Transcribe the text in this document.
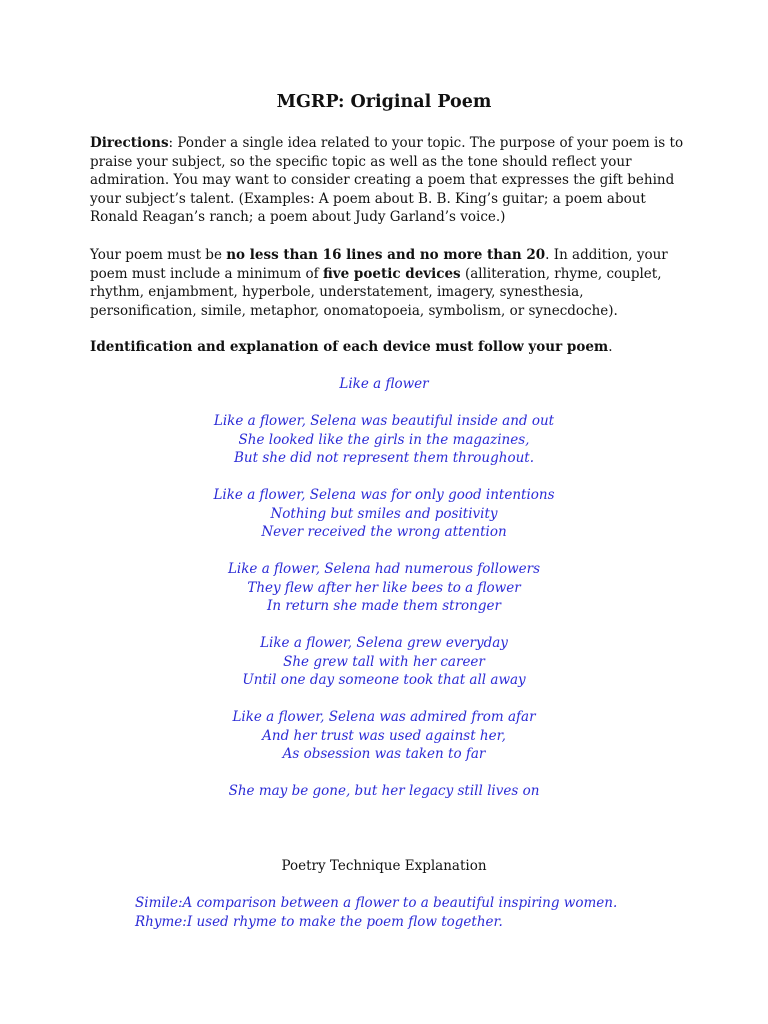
MGRP: Original Poem

Directions: Ponder a single idea related to your topic. The purpose of your poem is to praise your subject, so the specific topic as well as the tone should reflect your admiration. You may want to consider creating a poem that expresses the gift behind your subject’s talent. (Examples: A poem about B. B. King’s guitar; a poem about Ronald Reagan’s ranch; a poem about Judy Garland’s voice.)

Your poem must be no less than 16 lines and no more than 20. In addition, your poem must include a minimum of five poetic devices (alliteration, rhyme, couplet, rhythm, enjambment, hyperbole, understatement, imagery, synesthesia, personification, simile, metaphor, onomatopoeia, symbolism, or synecdoche).

Identification and explanation of each device must follow your poem.

Like a flower
Like a flower, Selena was beautiful inside and out
She looked like the girls in the magazines,
But she did not represent them throughout.
Like a flower, Selena was for only good intentions
Nothing but smiles and positivity
Never received the wrong attention
Like a flower, Selena had numerous followers
They flew after her like bees to a flower
In return she made them stronger
Like a flower, Selena grew everyday
She grew tall with her career
Until one day someone took that all away
Like a flower, Selena was admired from afar
And her trust was used against her,
As obsession was taken to far
She may be gone, but her legacy still lives on
Poetry Technique Explanation
Simile:A comparison between a flower to a beautiful inspiring women.
Rhyme:I used rhyme to make the poem flow together.
